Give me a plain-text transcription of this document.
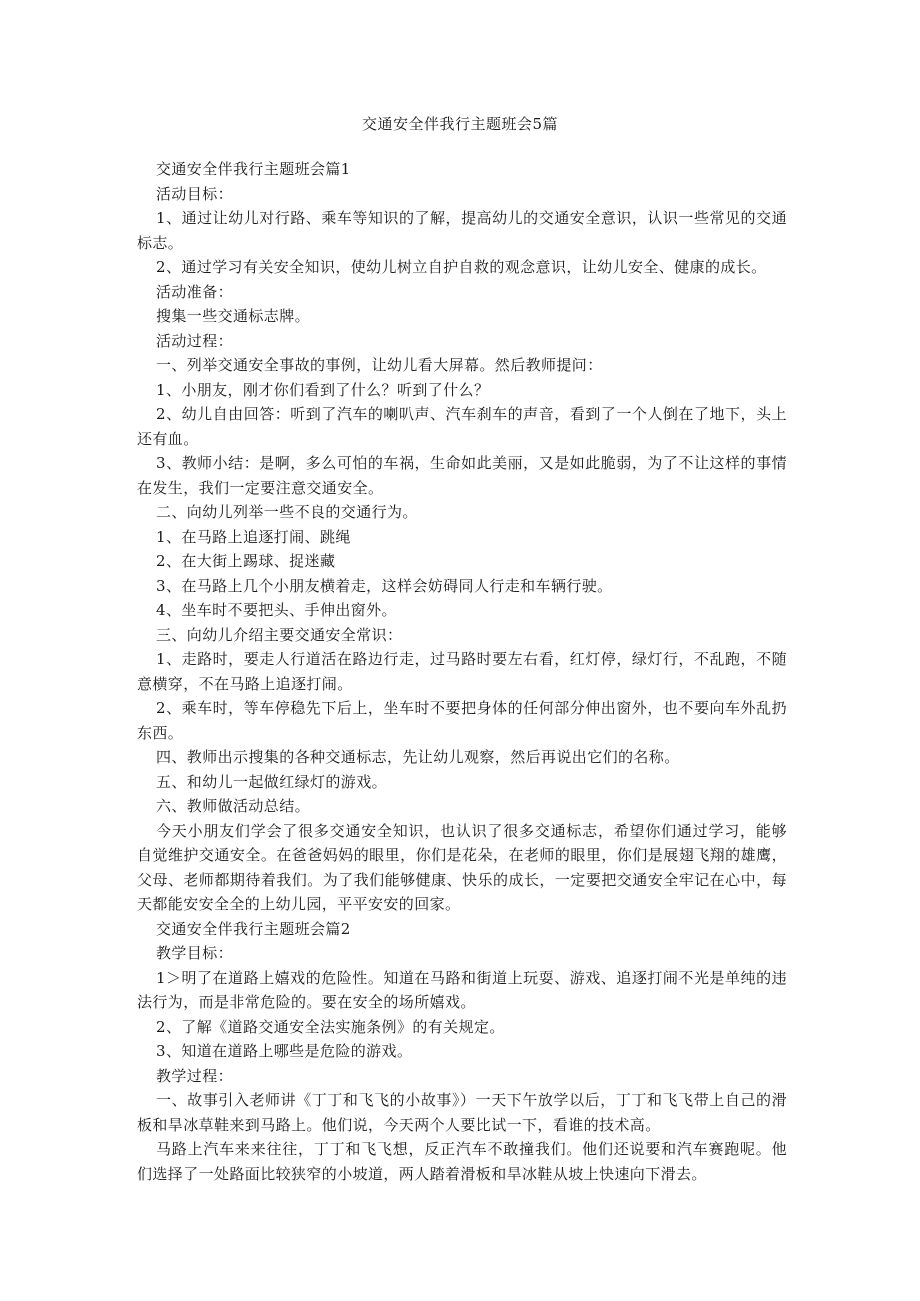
交通安全伴我行主题班会5篇

交通安全伴我行主题班会篇1

活动目标：

1、通过让幼儿对行路、乘车等知识的了解，提高幼儿的交通安全意识，认识一些常见的交通标志。

2、通过学习有关安全知识，使幼儿树立自护自救的观念意识，让幼儿安全、健康的成长。

活动准备：

搜集一些交通标志牌。

活动过程：

一、列举交通安全事故的事例，让幼儿看大屏幕。然后教师提问：

1、小朋友，刚才你们看到了什么？听到了什么？

2、幼儿自由回答：听到了汽车的喇叭声、汽车刹车的声音，看到了一个人倒在了地下，头上还有血。

3、教师小结：是啊，多么可怕的车祸，生命如此美丽，又是如此脆弱，为了不让这样的事情在发生，我们一定要注意交通安全。

二、向幼儿列举一些不良的交通行为。

1、在马路上追逐打闹、跳绳

2、在大街上踢球、捉迷藏

3、在马路上几个小朋友横着走，这样会妨碍同人行走和车辆行驶。

4、坐车时不要把头、手伸出窗外。

三、向幼儿介绍主要交通安全常识：

1、走路时，要走人行道活在路边行走，过马路时要左右看，红灯停，绿灯行，不乱跑，不随意横穿，不在马路上追逐打闹。

2、乘车时，等车停稳先下后上，坐车时不要把身体的任何部分伸出窗外，也不要向车外乱扔东西。

四、教师出示搜集的各种交通标志，先让幼儿观察，然后再说出它们的名称。

五、和幼儿一起做红绿灯的游戏。

六、教师做活动总结。

今天小朋友们学会了很多交通安全知识，也认识了很多交通标志，希望你们通过学习，能够自觉维护交通安全。在爸爸妈妈的眼里，你们是花朵，在老师的眼里，你们是展翅飞翔的雄鹰，父母、老师都期待着我们。为了我们能够健康、快乐的成长，一定要把交通安全牢记在心中，每天都能安安全全的上幼儿园，平平安安的回家。

交通安全伴我行主题班会篇2

教学目标：

1＞明了在道路上嬉戏的危险性。知道在马路和街道上玩耍、游戏、追逐打闹不光是单纯的违法行为，而是非常危险的。要在安全的场所嬉戏。

2、了解《道路交通安全法实施条例》的有关规定。

3、知道在道路上哪些是危险的游戏。

教学过程：

一、故事引入老师讲《丁丁和飞飞的小故事》）一天下午放学以后，丁丁和飞飞带上自己的滑板和旱冰草鞋来到马路上。他们说，今天两个人要比试一下，看谁的技术高。

马路上汽车来来往往，丁丁和飞飞想，反正汽车不敢撞我们。他们还说要和汽车赛跑呢。他们选择了一处路面比较狭窄的小坡道，两人踏着滑板和旱冰鞋从坡上快速向下滑去。
